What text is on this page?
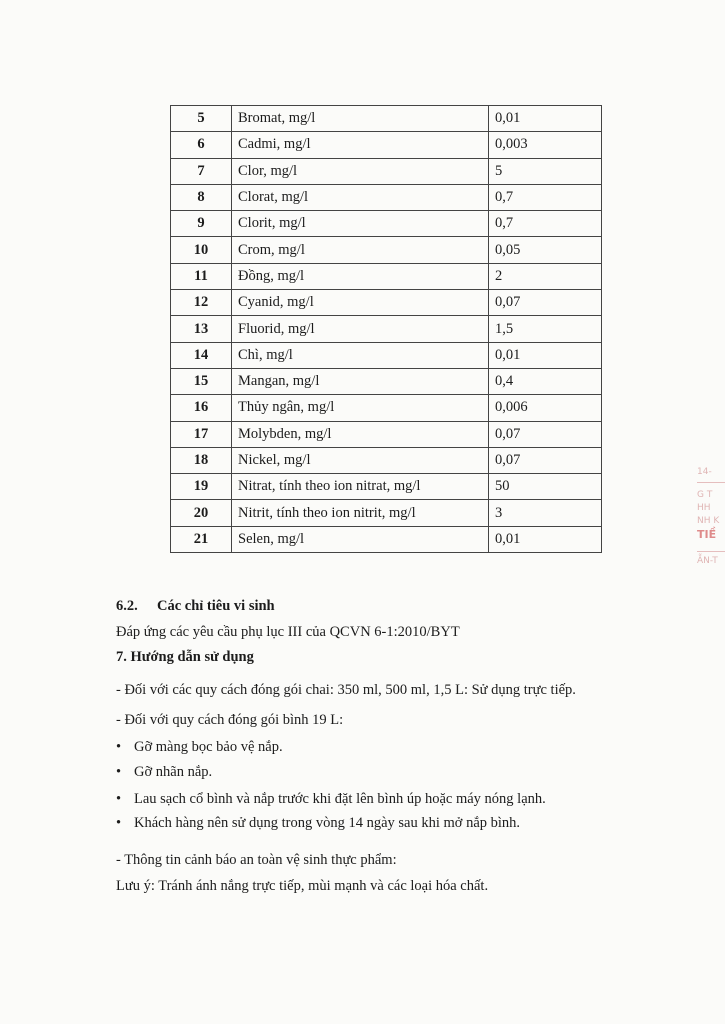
5	Bromat, mg/l	0,01
6	Cadmi, mg/l	0,003
7	Clor, mg/l	5
8	Clorat, mg/l	0,7
9	Clorit, mg/l	0,7
10	Crom, mg/l	0,05
11	Đồng, mg/l	2
12	Cyanid, mg/l	0,07
13	Fluorid, mg/l	1,5
14	Chì, mg/l	0,01
15	Mangan, mg/l	0,4
16	Thủy ngân, mg/l	0,006
17	Molybden, mg/l	0,07
18	Nickel, mg/l	0,07
19	Nitrat, tính theo ion nitrat, mg/l	50
20	Nitrit, tính theo ion nitrit, mg/l	3
21	Selen, mg/l	0,01
6.2. Các chỉ tiêu vi sinh
Đáp ứng các yêu cầu phụ lục III của QCVN 6-1:2010/BYT
7. Hướng dẫn sử dụng
- Đối với các quy cách đóng gói chai: 350 ml, 500 ml, 1,5 L: Sử dụng trực tiếp.
- Đối với quy cách đóng gói bình 19 L:
• Gỡ màng bọc bảo vệ nắp.
• Gỡ nhãn nắp.
• Lau sạch cổ bình và nắp trước khi đặt lên bình úp hoặc máy nóng lạnh.
• Khách hàng nên sử dụng trong vòng 14 ngày sau khi mở nắp bình.
- Thông tin cảnh báo an toàn vệ sinh thực phẩm:
Lưu ý: Tránh ánh nắng trực tiếp, mùi mạnh và các loại hóa chất.
14-
G T
HH
NH K
TIỀ
ẪN-T
